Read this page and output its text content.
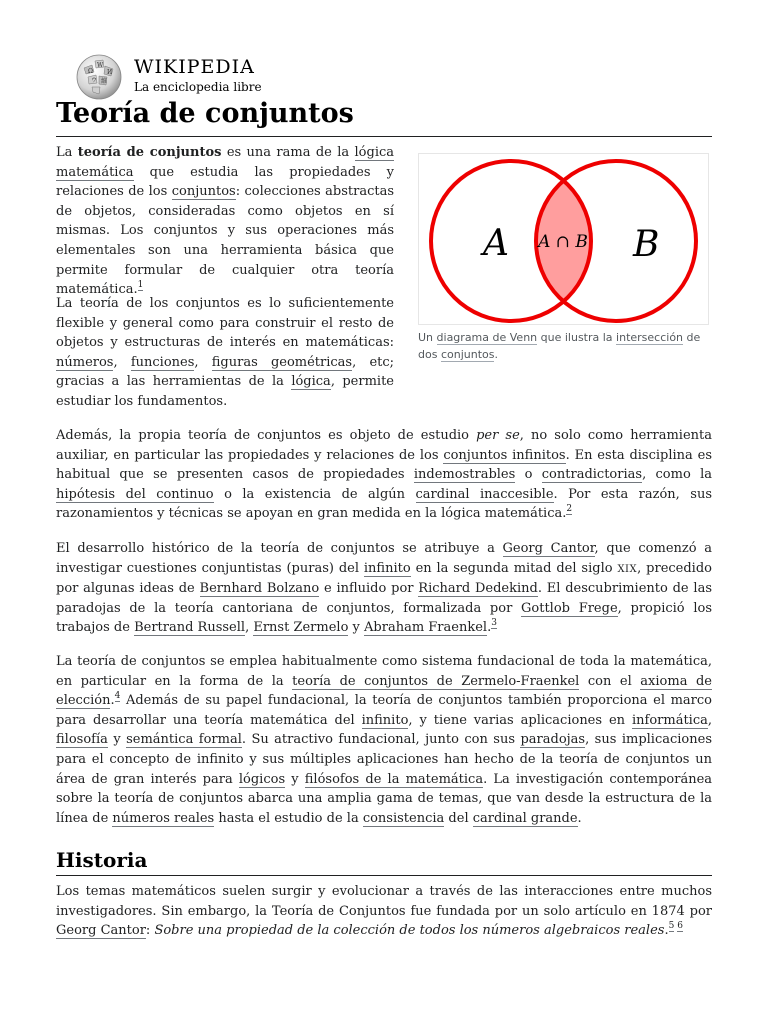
Ω
W
И
ウ 維
WIKIPEDIA
La enciclopedia libre
Teoría de conjuntos
A A ∩ B B
Un diagrama de Venn que ilustra la intersección de dos conjuntos.

La teoría de conjuntos es una rama de la lógica matemática que estudia las propiedades y relaciones de los conjuntos: colecciones abstractas de objetos, consideradas como objetos en sí mismas. Los conjuntos y sus operaciones más elementales son una herramienta básica que permite formular de cualquier otra teoría matemática.$^1$

La teoría de los conjuntos es lo suficientemente flexible y general como para construir el resto de objetos y estructuras de interés en matemáticas: números, funciones, figuras geométricas, etc; gracias a las herramientas de la lógica, permite estudiar los fundamentos.

Además, la propia teoría de conjuntos es objeto de estudio per se, no solo como herramienta auxiliar, en particular las propiedades y relaciones de los conjuntos infinitos. En esta disciplina es habitual que se presenten casos de propiedades indemostrables o contradictorias, como la hipótesis del continuo o la existencia de algún cardinal inaccesible. Por esta razón, sus razonamientos y técnicas se apoyan en gran medida en la lógica matemática.$^2$

El desarrollo histórico de la teoría de conjuntos se atribuye a Georg Cantor, que comenzó a investigar cuestiones conjuntistas (puras) del infinito en la segunda mitad del siglo XIX, precedido por algunas ideas de Bernhard Bolzano e influido por Richard Dedekind. El descubrimiento de las paradojas de la teoría cantoriana de conjuntos, formalizada por Gottlob Frege, propició los trabajos de Bertrand Russell, Ernst Zermelo y Abraham Fraenkel.$^3$

La teoría de conjuntos se emplea habitualmente como sistema fundacional de toda la matemática, en particular en la forma de la teoría de conjuntos de Zermelo-Fraenkel con el axioma de elección.$^4$ Además de su papel fundacional, la teoría de conjuntos también proporciona el marco para desarrollar una teoría matemática del infinito, y tiene varias aplicaciones en informática, filosofía y semántica formal. Su atractivo fundacional, junto con sus paradojas, sus implicaciones para el concepto de infinito y sus múltiples aplicaciones han hecho de la teoría de conjuntos un área de gran interés para lógicos y filósofos de la matemática. La investigación contemporánea sobre la teoría de conjuntos abarca una amplia gama de temas, que van desde la estructura de la línea de números reales hasta el estudio de la consistencia del cardinal grande.

Historia

Los temas matemáticos suelen surgir y evolucionar a través de las interacciones entre muchos investigadores. Sin embargo, la Teoría de Conjuntos fue fundada por un solo artículo en 1874 por Georg Cantor: Sobre una propiedad de la colección de todos los números algebraicos reales.$^{5 6}$
